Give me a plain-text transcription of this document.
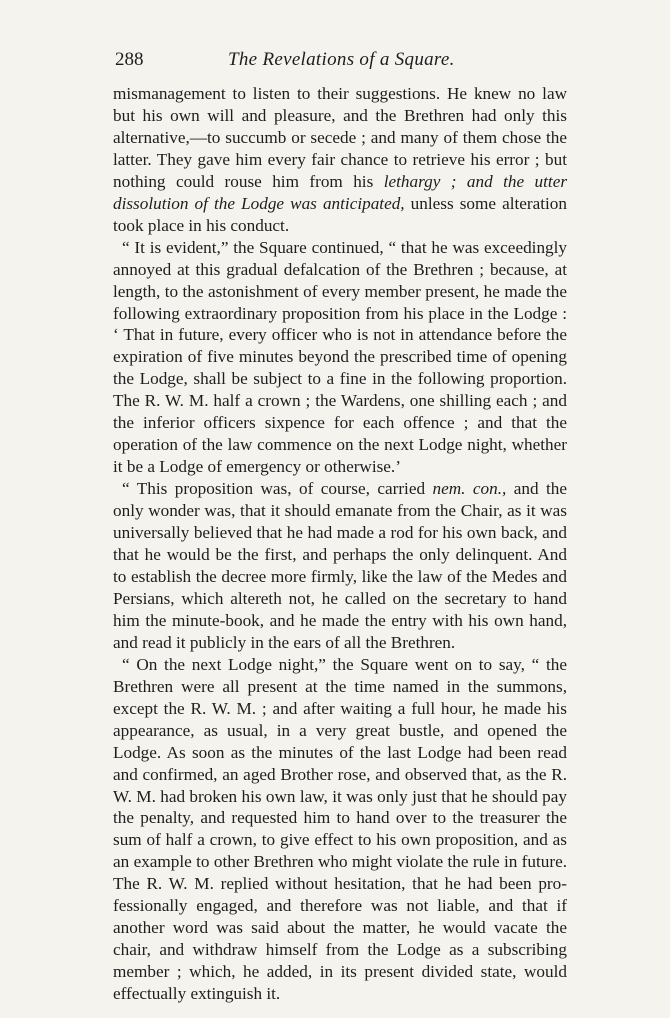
288	The Revelations of a Square.

mismanagement to listen to their suggestions. He knew no law but his own will and pleasure, and the Brethren had only this alternative,—to succumb or secede ; and many of them chose the latter. They gave him every fair chance to retrieve his error ; but nothing could rouse him from his lethargy ; and the utter dissolution of the Lodge was anticipated, unless some alteration took place in his conduct.

“ It is evident,” the Square continued, “ that he was exceedingly annoyed at this gradual defalcation of the Brethren ; because, at length, to the astonishment of every member present, he made the following extraordinary proposition from his place in the Lodge : ‘ That in future, every officer who is not in attendance before the expiration of five minutes beyond the prescribed time of opening the Lodge, shall be subject to a fine in the following proportion. The R. W. M. half a crown ; the Wardens, one shilling each ; and the inferior officers sixpence for each offence ; and that the operation of the law commence on the next Lodge night, whether it be a Lodge of emergency or otherwise.’

“ This proposition was, of course, carried nem. con., and the only wonder was, that it should emanate from the Chair, as it was universally believed that he had made a rod for his own back, and that he would be the first, and perhaps the only delinquent. And to establish the decree more firmly, like the law of the Medes and Persians, which altereth not, he called on the secretary to hand him the minute-book, and he made the entry with his own hand, and read it publicly in the ears of all the Brethren.

“ On the next Lodge night,” the Square went on to say, “ the Brethren were all present at the time named in the summons, except the R. W. M. ; and after waiting a full hour, he made his appearance, as usual, in a very great bustle, and opened the Lodge. As soon as the minutes of the last Lodge had been read and confirmed, an aged Brother rose, and observed that, as the R. W. M. had broken his own law, it was only just that he should pay the penalty, and requested him to hand over to the treasurer the sum of half a crown, to give effect to his own proposition, and as an example to other Brethren who might violate the rule in future. The R. W. M. replied without hesitation, that he had been professionally engaged, and therefore was not liable, and that if another word was said about the matter, he would vacate the chair, and withdraw himself from the Lodge as a subscribing member ; which, he added, in its present divided state, would effectually extinguish it.
